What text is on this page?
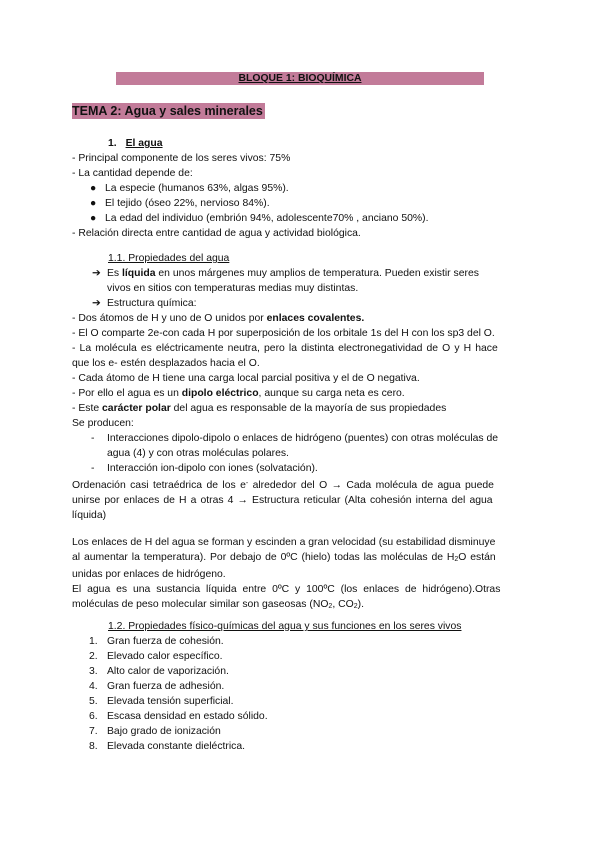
BLOQUE 1: BIOQUÍMICA
TEMA 2: Agua y sales minerales
1. El agua
- Principal componente de los seres vivos: 75%
- La cantidad depende de:
● La especie (humanos 63%, algas 95%).
● El tejido (óseo 22%, nervioso 84%).
● La edad del individuo (embrión 94%, adolescente70% , anciano 50%).
- Relación directa entre cantidad de agua y actividad biológica.
1.1. Propiedades del agua
➔ Es líquida en unos márgenes muy amplios de temperatura. Pueden existir seres
vivos en sitios con temperaturas medias muy distintas.
➔ Estructura química:
- Dos átomos de H y uno de O unidos por enlaces covalentes.
- El O comparte 2e-con cada H por superposición de los orbitale 1s del H con los sp3 del O.
- La molécula es eléctricamente neutra, pero la distinta electronegatividad de O y H hace
que los e- estén desplazados hacia el O.
- Cada átomo de H tiene una carga local parcial positiva y el de O negativa.
- Por ello el agua es un dipolo eléctrico, aunque su carga neta es cero.
- Este carácter polar del agua es responsable de la mayoría de sus propiedades
Se producen:
- Interacciones dipolo-dipolo o enlaces de hidrógeno (puentes) con otras moléculas de
agua (4) y con otras moléculas polares.
- Interacción ion-dipolo con iones (solvatación).
Ordenación casi tetraédrica de los e- alrededor del O → Cada molécula de agua puede
unirse por enlaces de H a otras 4 → Estructura reticular (Alta cohesión interna del agua
líquida)
Los enlaces de H del agua se forman y escinden a gran velocidad (su estabilidad disminuye
al aumentar la temperatura). Por debajo de 0ºC (hielo) todas las moléculas de H2O están
unidas por enlaces de hidrógeno.
El agua es una sustancia líquida entre 0ºC y 100ºC (los enlaces de hidrógeno).Otras
moléculas de peso molecular similar son gaseosas (NO2, CO2).
1.2. Propiedades físico-químicas del agua y sus funciones en los seres vivos
1. Gran fuerza de cohesión.
2. Elevado calor específico.
3. Alto calor de vaporización.
4. Gran fuerza de adhesión.
5. Elevada tensión superficial.
6. Escasa densidad en estado sólido.
7. Bajo grado de ionización
8. Elevada constante dieléctrica.
